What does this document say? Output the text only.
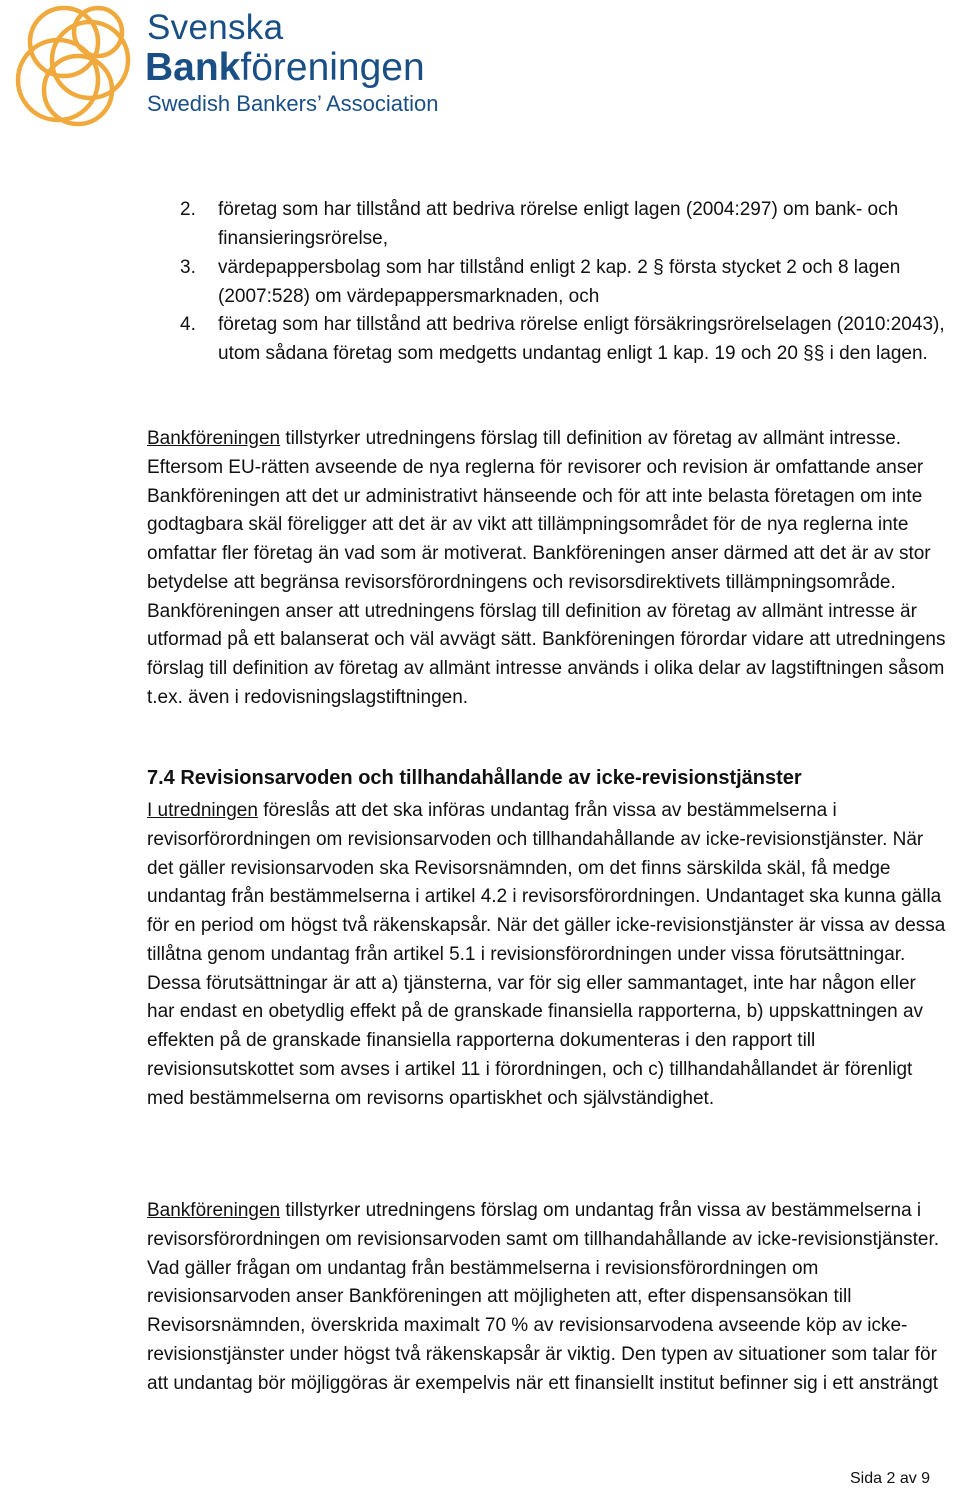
Svenska
Bankföreningen
Swedish Bankers’ Association
2. företag som har tillstånd att bedriva rörelse enligt lagen (2004:297) om bank- och finansieringsrörelse,
3. värdepappersbolag som har tillstånd enligt 2 kap. 2 § första stycket 2 och 8 lagen (2007:528) om värdepappersmarknaden, och
4. företag som har tillstånd att bedriva rörelse enligt försäkringsrörelselagen (2010:2043), utom sådana företag som medgetts undantag enligt 1 kap. 19 och 20 §§ i den lagen.

Bankföreningen tillstyrker utredningens förslag till definition av företag av allmänt intresse. Eftersom EU-rätten avseende de nya reglerna för revisorer och revision är omfattande anser Bankföreningen att det ur administrativt hänseende och för att inte belasta företagen om inte godtagbara skäl föreligger att det är av vikt att tillämpningsområdet för de nya reglerna inte omfattar fler företag än vad som är motiverat. Bankföreningen anser därmed att det är av stor betydelse att begränsa revisorsförordningens och revisorsdirektivets tillämpningsområde. Bankföreningen anser att utredningens förslag till definition av företag av allmänt intresse är utformad på ett balanserat och väl avvägt sätt. Bankföreningen förordar vidare att utredningens förslag till definition av företag av allmänt intresse används i olika delar av lagstiftningen såsom t.ex. även i redovisningslagstiftningen.

7.4 Revisionsarvoden och tillhandahållande av icke-revisionstjänster

I utredningen föreslås att det ska införas undantag från vissa av bestämmelserna i revisorförordningen om revisionsarvoden och tillhandahållande av icke-revisionstjänster. När det gäller revisionsarvoden ska Revisorsnämnden, om det finns särskilda skäl, få medge undantag från bestämmelserna i artikel 4.2 i revisorsförordningen. Undantaget ska kunna gälla för en period om högst två räkenskapsår. När det gäller icke-revisionstjänster är vissa av dessa tillåtna genom undantag från artikel 5.1 i revisionsförordningen under vissa förutsättningar. Dessa förutsättningar är att a) tjänsterna, var för sig eller sammantaget, inte har någon eller har endast en obetydlig effekt på de granskade finansiella rapporterna, b) uppskattningen av effekten på de granskade finansiella rapporterna dokumenteras i den rapport till revisionsutskottet som avses i artikel 11 i förordningen, och c) tillhandahållandet är förenligt med bestämmelserna om revisorns opartiskhet och självständighet.

Bankföreningen tillstyrker utredningens förslag om undantag från vissa av bestämmelserna i revisorsförordningen om revisionsarvoden samt om tillhandahållande av icke-revisionstjänster. Vad gäller frågan om undantag från bestämmelserna i revisionsförordningen om revisionsarvoden anser Bankföreningen att möjligheten att, efter dispensansökan till Revisorsnämnden, överskrida maximalt 70 % av revisionsarvodena avseende köp av icke-revisionstjänster under högst två räkenskapsår är viktig. Den typen av situationer som talar för att undantag bör möjliggöras är exempelvis när ett finansiellt institut befinner sig i ett ansträngt

Sida 2 av 9
